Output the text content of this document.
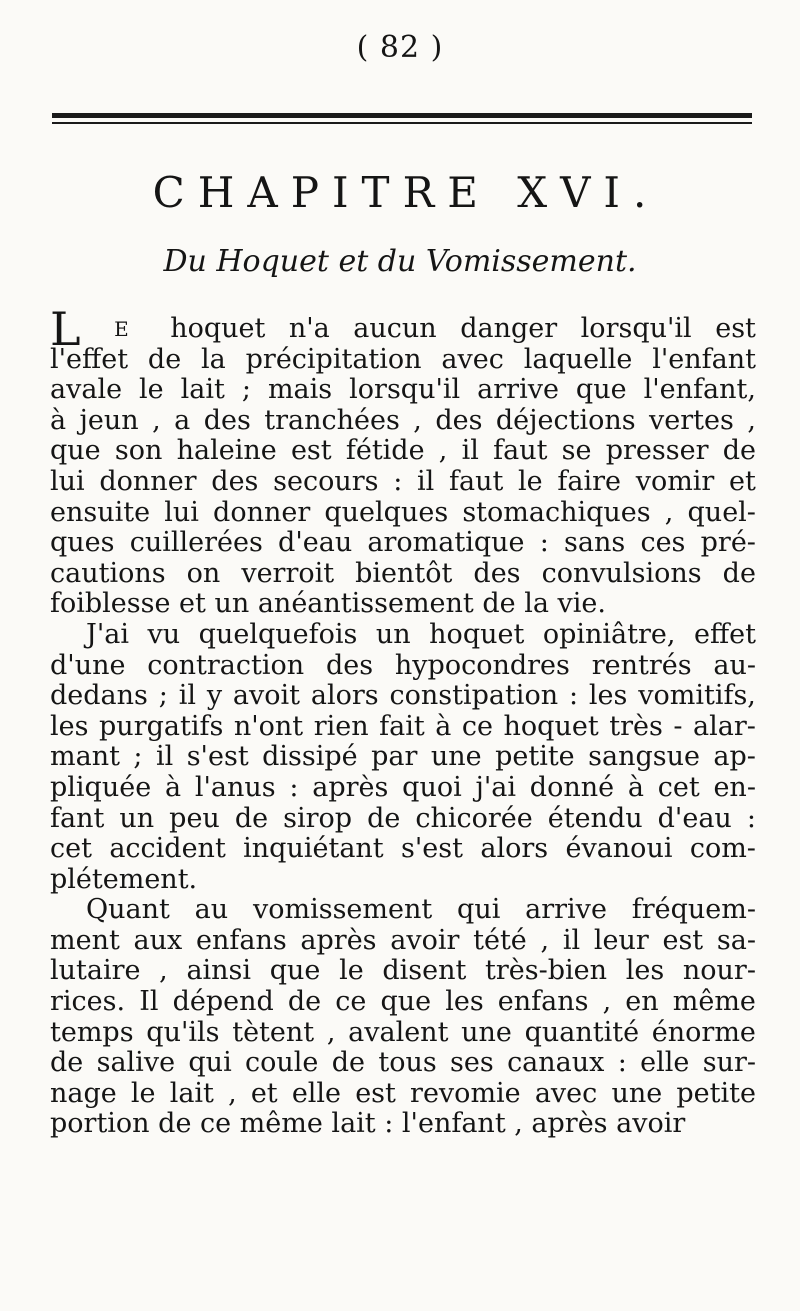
( 82 )
CHAPITRE XVI.
Du Hoquet et du Vomissement.
L E hoquet n'a aucun danger lorsqu'il est
l'effet de la précipitation avec laquelle l'enfant
avale le lait ; mais lorsqu'il arrive que l'enfant,
à jeun , a des tranchées , des déjections vertes ,
que son haleine est fétide , il faut se presser de
lui donner des secours : il faut le faire vomir et
ensuite lui donner quelques stomachiques , quel-
ques cuillerées d'eau aromatique : sans ces pré-
cautions on verroit bientôt des convulsions de
foiblesse et un anéantissement de la vie.
J'ai vu quelquefois un hoquet opiniâtre, effet
d'une contraction des hypocondres rentrés au-
dedans ; il y avoit alors constipation : les vomitifs,
les purgatifs n'ont rien fait à ce hoquet très - alar-
mant ; il s'est dissipé par une petite sangsue ap-
pliquée à l'anus : après quoi j'ai donné à cet en-
fant un peu de sirop de chicorée étendu d'eau :
cet accident inquiétant s'est alors évanoui com-
plétement.
Quant au vomissement qui arrive fréquem-
ment aux enfans après avoir tété , il leur est sa-
lutaire , ainsi que le disent très-bien les nour-
rices. Il dépend de ce que les enfans , en même
temps qu'ils tètent , avalent une quantité énorme
de salive qui coule de tous ses canaux : elle sur-
nage le lait , et elle est revomie avec une petite
portion de ce même lait : l'enfant , après avoir
